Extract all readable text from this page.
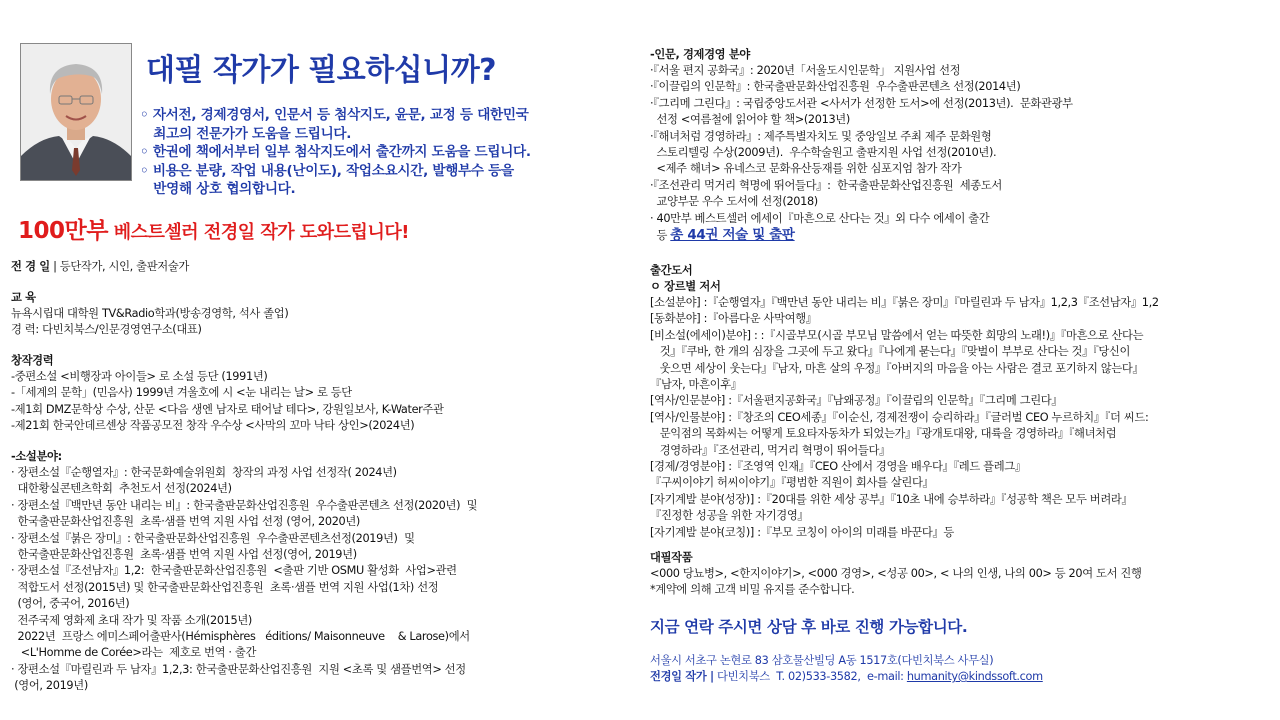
대필 작가가 필요하십니까?
◦ 자서전, 경제경영서, 인문서 등 첨삭지도, 윤문, 교정 등 대한민국
최고의 전문가가 도움을 드립니다.
◦ 한권에 책에서부터 일부 첨삭지도에서 출간까지 도움을 드립니다.
◦ 비용은 분량, 작업 내용(난이도), 작업소요시간, 발행부수 등을
반영해 상호 협의합니다.
100만부 베스트셀러 전경일 작가 도와드립니다!
전 경 일 | 등단작가, 시인, 출판저술가
교 육
뉴욕시립대 대학원 TV&Radio학과(방송경영학, 석사 졸업)
경 력: 다빈치북스/인문경영연구소(대표)
창작경력
-중편소설 <비행장과 아이들> 로 소설 등단 (1991년)
-「세계의 문학」(민음사) 1999년 겨울호에 시 <눈 내리는 날> 로 등단
-제1회 DMZ문학상 수상, 산문 <다음 생엔 남자로 태어날 테다>, 강원일보사, K-Water주관
-제21회 한국안데르센상 작품공모전 창작 우수상 <사막의 꼬마 낙타 상인>(2024년)
-소설분야:
· 장편소설『순행열자』: 한국문화예술위원회  창작의 과정 사업 선정작( 2024년)
대한황실콘텐츠학회  추천도서 선정(2024년)
· 장편소설『백만년 동안 내리는 비』: 한국출판문화산업진흥원  우수출판콘텐츠 선정(2020년)  및
한국출판문화산업진흥원  초록·샘플 번역 지원 사업 선정 (영어, 2020년)
· 장편소설『붉은 장미』: 한국출판문화산업진흥원  우수출판콘텐츠선정(2019년)  및
한국출판문화산업진흥원  초록·샘플 번역 지원 사업 선정(영어, 2019년)
· 장편소설『조선남자』1,2:  한국출판문화산업진흥원  <출판 기반 OSMU 활성화  사업>관련
적합도서 선정(2015년) 및 한국출판문화산업진흥원  초록·샘플 번역 지원 사업(1차) 선정
(영어, 중국어, 2016년)
전주국제 영화제 초대 작가 및 작품 소개(2015년)
2022년  프랑스 에미스페어출판사(Hémisphères   éditions/ Maisonneuve    & Larose)에서
<L'Homme de Corée>라는  제호로 번역 · 출간
· 장편소설『마릴린과 두 남자』1,2,3: 한국출판문화산업진흥원  지원 <초록 및 샘플번역> 선정
(영어, 2019년)
-인문, 경제경영 분야
·『서울 편지 공화국』: 2020년「서울도시인문학」 지원사업 선정
·『이끌림의 인문학』: 한국출판문화산업진흥원  우수출판콘텐츠 선정(2014년)
·『그리메 그린다』: 국립중앙도서관 <사서가 선정한 도서>에 선정(2013년).  문화관광부
선정 <여름철에 읽어야 할 책>(2013년)
·『해녀처럼 경영하라』: 제주특별자치도 및 중앙일보 주최 제주 문화원형
스토리텔링 수상(2009년).  우수학술원고 출판지원 사업 선정(2010년).
<제주 해녀> 유네스코 문화유산등재를 위한 심포지엄 참가 작가
·『조선관리 먹거리 혁명에 뛰어들다』:  한국출판문화산업진흥원  세종도서
교양부문 우수 도서에 선정(2018)
· 40만부 베스트셀러 에세이『마흔으로 산다는 것』외 다수 에세이 출간
등 총 44권 저술 및 출판
출간도서
ㅇ 장르별 저서
[소설분야] :『순행열자』『백만년 동안 내리는 비』『붉은 장미』『마릴린과 두 남자』1,2,3『조선남자』1,2
[동화분야] :『아름다운 사막여행』
[비소설(에세이)분야] : :『시골부모(시골 부모님 말씀에서 얻는 따뜻한 희망의 노래!)』『마흔으로 산다는
것』『쿠바, 한 개의 심장을 그곳에 두고 왔다』『나에게 묻는다』『맞벌이 부부로 산다는 것』『당신이
웃으면 세상이 웃는다』『남자, 마흔 살의 우정』『아버지의 마음을 아는 사람은 결코 포기하지 않는다』
『남자, 마흔이후』
[역사/인문분야] :『서울편지공화국』『남왜공정』『이끌림의 인문학』『그리메 그린다』
[역사/인물분야] :『창조의 CEO세종』『이순신, 경제전쟁이 승리하라』『글러벌 CEO 누르하치』『더 씨드:
문익점의 목화씨는 어떻게 토요타자동차가 되었는가』『광개토대왕, 대륙을 경영하라』『해녀처럼
경영하라』『조선관리, 먹거리 혁명이 뛰어들다』
[경제/경영분야] :『조영역 인재』『CEO 산에서 경영을 배우다』『레드 플레그』
『구씨이야기 허씨이야기』『평범한 직원이 회사를 살린다』
[자기계발 분야(성장)] :『20대를 위한 세상 공부』『10초 내에 승부하라』『성공학 책은 모두 버려라』
『진정한 성공을 위한 자기경영』
[자기계발 분야(코칭)] :『부모 코칭이 아이의 미래를 바꾼다』등
대필작품
<000 당뇨병>, <한지이야기>, <000 경영>, <성공 00>, < 나의 인생, 나의 00> 등 20여 도서 진행
*계약에 의해 고객 비밀 유지를 준수합니다.
지금 연락 주시면 상담 후 바로 진행 가능합니다.
서울시 서초구 논현로 83 삼호물산빌딩 A동 1517호(다빈치북스 사무실)
전경일 작가 | 다빈치북스  T. 02)533-3582,  e-mail: humanity@kindssoft.com
